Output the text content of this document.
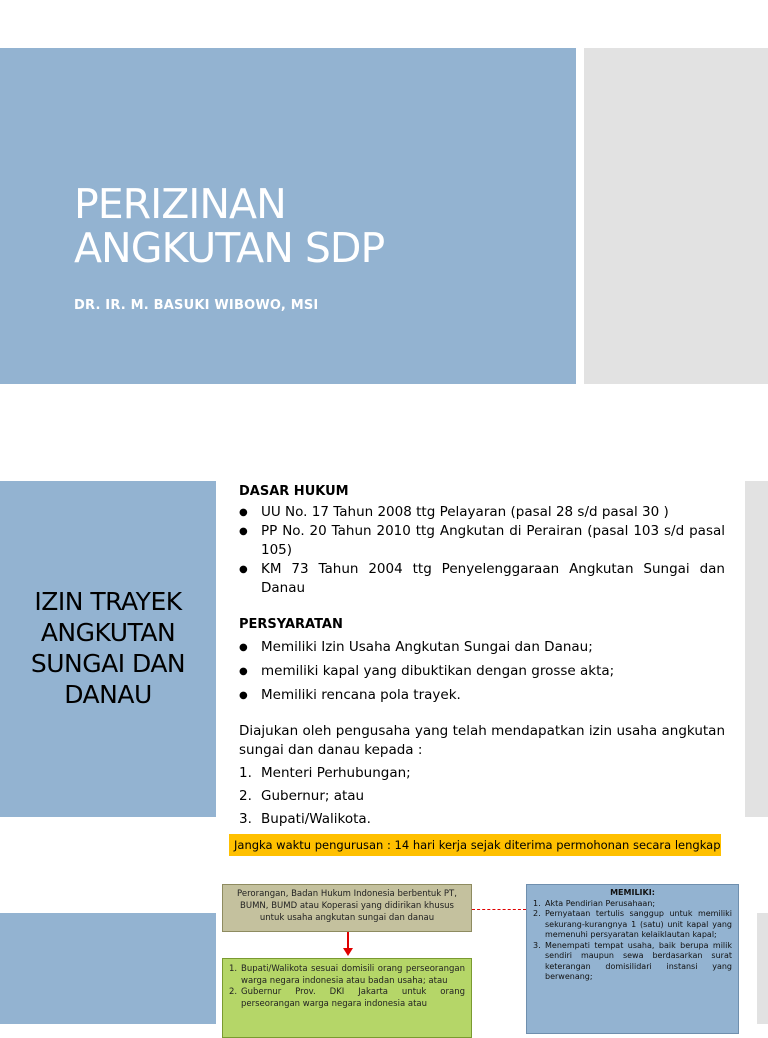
PERIZINAN
ANGKUTAN SDP
DR. IR. M. BASUKI WIBOWO, MSI
IZIN TRAYEK ANGKUTAN SUNGAI DAN DANAU
DASAR HUKUM
● UU No. 17 Tahun 2008 ttg Pelayaran (pasal 28 s/d pasal 30 )
● PP No. 20 Tahun 2010 ttg Angkutan di Perairan (pasal 103 s/d pasal 105)
● KM 73 Tahun 2004 ttg Penyelenggaraan Angkutan Sungai dan Danau
PERSYARATAN
● Memiliki Izin Usaha Angkutan Sungai dan Danau;
● memiliki kapal yang dibuktikan dengan grosse akta;
● Memiliki rencana pola trayek.
Diajukan oleh pengusaha yang telah mendapatkan izin usaha angkutan sungai dan danau kepada :
1. Menteri Perhubungan;
2. Gubernur; atau
3. Bupati/Walikota.
Jangka waktu pengurusan : 14 hari kerja sejak diterima permohonan secara lengkap
Perorangan, Badan Hukum Indonesia berbentuk PT, BUMN, BUMD atau Koperasi yang didirikan khusus untuk usaha angkutan sungai dan danau
1. Bupati/Walikota sesuai domisili orang perseorangan warga negara indonesia atau badan usaha; atau
2. Gubernur Prov. DKI Jakarta untuk orang perseorangan warga negara indonesia atau
MEMILIKI:
1. Akta Pendirian Perusahaan;
2. Pernyataan tertulis sanggup untuk memiliki sekurang-kurangnya 1 (satu) unit kapal yang memenuhi persyaratan kelaiklautan kapal;
3. Menempati tempat usaha, baik berupa milik sendiri maupun sewa berdasarkan surat keterangan domisilidari instansi yang berwenang;
